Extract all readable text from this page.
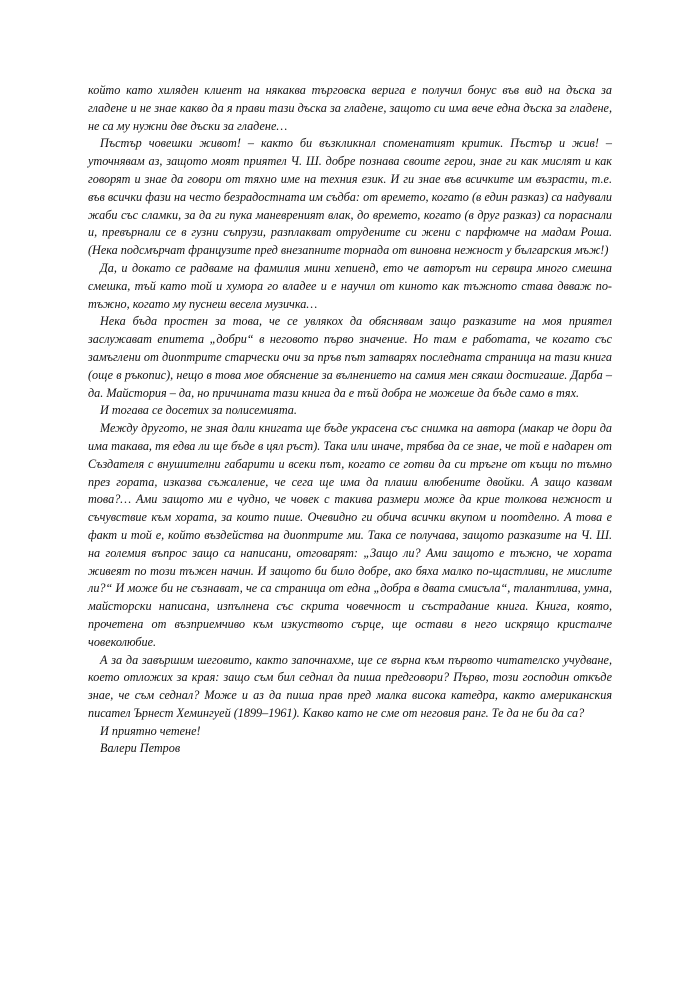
който като хиляден клиент на някаква търговска верига е получил бонус във вид на дъска за гладене и не знае какво да я прави тази дъска за гладене, защото си има вече една дъска за гладене, не са му нужни две дъски за гладене…

Пъстър човешки живот! – както би възкликнал споменатият критик. Пъстър и жив! – уточнявам аз, защото моят приятел Ч. Ш. добре познава своите герои, знае ги как мислят и как говорят и знае да говори от тяхно име на техния език. И ги знае във всичките им възрасти, т.е. във всички фази на често безрадостната им съдба: от времето, когато (в един разказ) са надували жаби със сламки, за да ги пука маневреният влак, до времето, когато (в друг разказ) са пораснали и, превърнали се в гузни съпрузи, разплакват отрудените си жени с парфюмче на мадам Роша. (Нека подсмърчат французите пред внезапните торнада от виновна нежност у българския мъж!)

Да, и докато се радваме на фамилия мини хепиенд, ето че авторът ни сервира много смешна смешка, тъй като той и хумора го владее и е научил от киното как тъжното става двваж по-тъжно, когато му пуснеш весела музичка…

Нека бъда простен за това, че се увлякох да обяснявам защо разказите на моя приятел заслужават епитета „добри“ в неговото първо значение. Но там е работата, че когато със замъглени от диоптрите старчески очи за пръв път затварях последната страница на тази книга (още в ръкопис), нещо в това мое обяснение за вълнението на самия мен сякаш достигаше. Дарба – да. Майстория – да, но причината тази книга да е тъй добра не можеше да бъде само в тях.

И тогава се досетих за полисемията.

Между другото, не зная дали книгата ще бъде украсена със снимка на автора (макар че дори да има такава, тя едва ли ще бъде в цял ръст). Така или иначе, трябва да се знае, че той е надарен от Създателя с внушителни габарити и всеки път, когато се готви да си тръгне от къщи по тъмно през гората, изказва съжаление, че сега ще има да плаши влюбените двойки. А защо казвам това?… Ами защото ми е чудно, че човек с такива размери може да крие толкова нежност и съчувствие към хората, за които пише. Очевидно ги обича всички вкупом и поотделно. А това е факт и той е, който въздейства на диоптрите ми. Така се получава, защото разказите на Ч. Ш. на големия въпрос защо са написани, отговарят: „Защо ли? Ами защото е тъжно, че хората живеят по този тъжен начин. И защото би било добре, ако бяха малко по-щастливи, не мислите ли?“ И може би не съзнават, че са страница от една „добра в двата смисъла“, талантлива, умна, майсторски написана, изпълнена със скрита човечност и състрадание книга. Книга, която, прочетена от възприемчиво към изкуството сърце, ще остави в него искрящо кристалче човеколюбие.

А за да завършим шеговито, както започнахме, ще се върна към първото читателско учудване, което отложих за края: защо съм бил седнал да пиша предговори? Първо, този господин откъде знае, че съм седнал? Може и аз да пиша прав пред малка висока катедра, както американския писател Ърнест Хемингуей (1899–1961). Какво като не сме от неговия ранг. Те да не би да са?

И приятно четене!

Валери Петров
